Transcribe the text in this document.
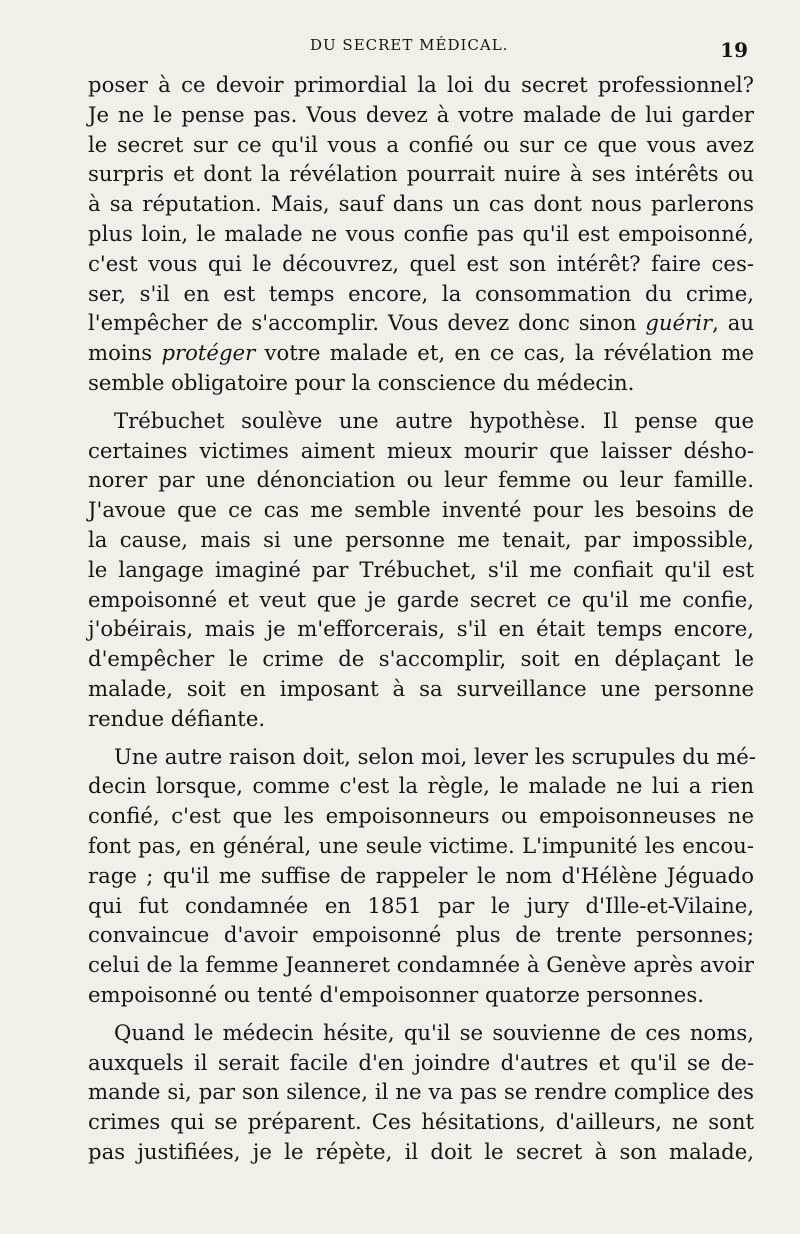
DU SECRET MÉDICAL.	19

poser à ce devoir primordial la loi du secret professionnel?
Je ne le pense pas. Vous devez à votre malade de lui garder
le secret sur ce qu'il vous a confié ou sur ce que vous avez
surpris et dont la révélation pourrait nuire à ses intérêts ou
à sa réputation. Mais, sauf dans un cas dont nous parlerons
plus loin, le malade ne vous confie pas qu'il est empoisonné,
c'est vous qui le découvrez, quel est son intérêt? faire ces-
ser, s'il en est temps encore, la consommation du crime,
l'empêcher de s'accomplir. Vous devez donc sinon guérir, au
moins protéger votre malade et, en ce cas, la révélation me
semble obligatoire pour la conscience du médecin.

Trébuchet soulève une autre hypothèse. Il pense que
certaines victimes aiment mieux mourir que laisser désho-
norer par une dénonciation ou leur femme ou leur famille.
J'avoue que ce cas me semble inventé pour les besoins de
la cause, mais si une personne me tenait, par impossible,
le langage imaginé par Trébuchet, s'il me confiait qu'il est
empoisonné et veut que je garde secret ce qu'il me confie,
j'obéirais, mais je m'efforcerais, s'il en était temps encore,
d'empêcher le crime de s'accomplir, soit en déplaçant le
malade, soit en imposant à sa surveillance une personne
rendue défiante.

Une autre raison doit, selon moi, lever les scrupules du mé-
decin lorsque, comme c'est la règle, le malade ne lui a rien
confié, c'est que les empoisonneurs ou empoisonneuses ne
font pas, en général, une seule victime. L'impunité les encou-
rage ; qu'il me suffise de rappeler le nom d'Hélène Jéguado
qui fut condamnée en 1851 par le jury d'Ille-et-Vilaine,
convaincue d'avoir empoisonné plus de trente personnes;
celui de la femme Jeanneret condamnée à Genève après avoir
empoisonné ou tenté d'empoisonner quatorze personnes.

Quand le médecin hésite, qu'il se souvienne de ces noms,
auxquels il serait facile d'en joindre d'autres et qu'il se de-
mande si, par son silence, il ne va pas se rendre complice des
crimes qui se préparent. Ces hésitations, d'ailleurs, ne sont
pas justifiées, je le répète, il doit le secret à son malade,
